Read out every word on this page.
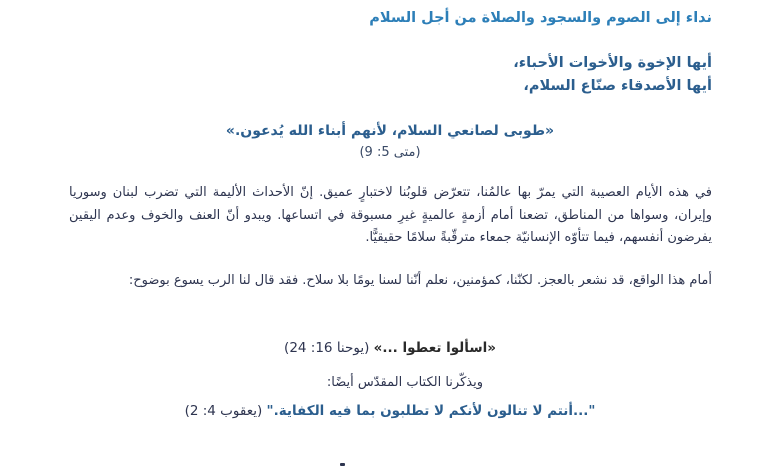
نداء إلى الصوم والسجود والصلاة من أجل السلام
أيها الإخوة والأخوات الأحباء،
أيها الأصدقاء صنّاع السلام،
«طوبى لصانعي السلام، لأنهم أبناء الله يُدعون.»
(متى 5: 9)
في هذه الأيام العصيبة التي يمرّ بها عالمُنا، تتعرّض قلوبُنا لاختبارٍ عميق. إنّ الأحداث الأليمة التي تضرب لبنان وسوريا وإيران، وسواها من المناطق، تضعنا أمام أزمةٍ عالميةٍ غيرِ مسبوقة في اتساعها. ويبدو أنّ العنف والخوف وعدم اليقين يفرضون أنفسهم، فيما تتأوّه الإنسانيّة جمعاء مترقّبةً سلامًا حقيقيًّا.
أمام هذا الواقع، قد نشعر بالعجز. لكنّنا، كمؤمنين، نعلم أنّنا لسنا يومًا بلا سلاح. فقد قال لنا الرب يسوع بوضوح:
«اسألوا تعطوا ...» (يوحنا 16: 24)
ويذكّرنا الكتاب المقدّس أيضًا:
"...أنتم لا تنالون لأنكم لا تطلبون بما فيه الكفاية." (يعقوب 4: 2)
